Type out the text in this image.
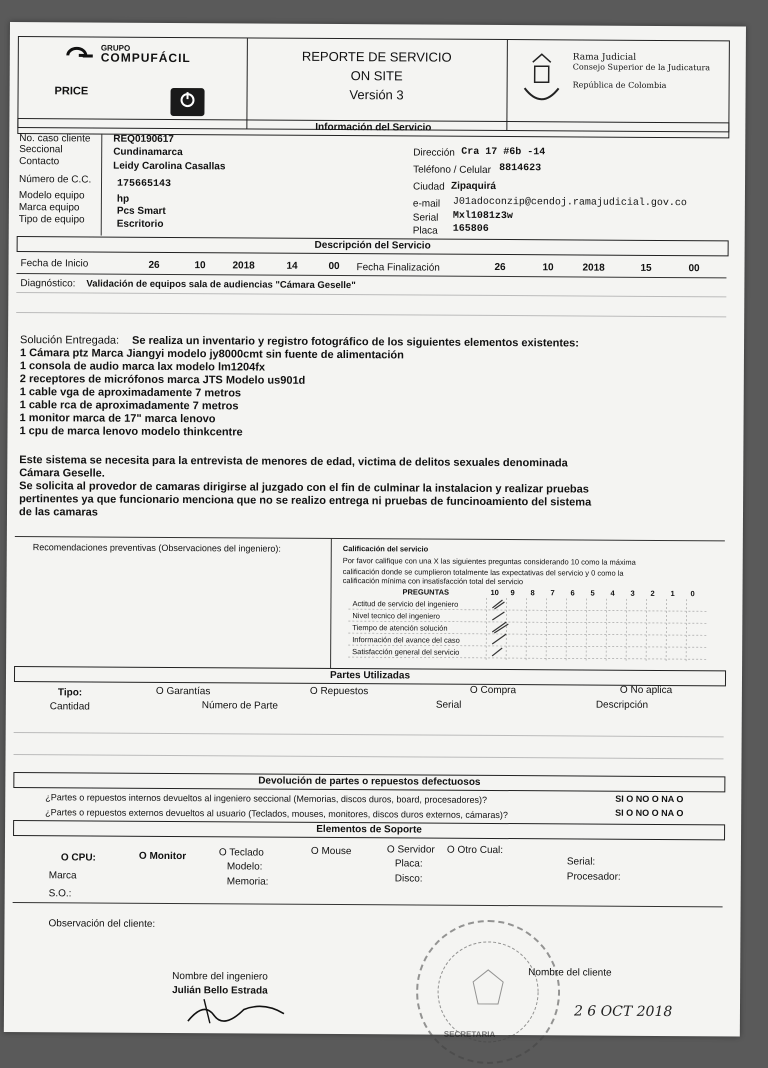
GRUPO
COMPUFÁCIL
PRICE
REPORTE DE SERVICIO
ON SITE
Versión 3
Rama Judicial
Consejo Superior de la Judicatura
República de Colombia
Información del Servicio
No. caso cliente REQ0190617
Seccional	Cundinamarca
Contacto	Leidy Carolina Casallas
Número de C.C.	175665143
Modelo equipo	hp
Marca equipo	Pcs Smart
Tipo de equipo	Escritorio
Dirección Cra 17 #6b -14
Teléfono / Celular 8814623
Ciudad Zipaquirá
e-mail J01adoconzip@cendoj.ramajudicial.gov.co
Serial Mxl1081z3w
Placa 165806
Descripción del Servicio
Fecha de Inicio	26	10	2018	14	00 Fecha Finalización	26	10	2018	15	00
Diagnóstico: Validación de equipos sala de audiencias "Cámara Geselle"
Solución Entregada: Se realiza un inventario y registro fotográfico de los siguientes elementos existentes:
1 Cámara ptz Marca Jiangyi modelo jy8000cmt sin fuente de alimentación
1 consola de audio marca lax modelo lm1204fx
2 receptores de micrófonos marca JTS Modelo us901d
1 cable vga de aproximadamente 7 metros
1 cable rca de aproximadamente 7 metros
1 monitor marca de 17" marca lenovo
1 cpu de marca lenovo modelo thinkcentre
Este sistema se necesita para la entrevista de menores de edad, victima de delitos sexuales denominada
Cámara Geselle.
Se solicita al provedor de camaras dirigirse al juzgado con el fin de culminar la instalacion y realizar pruebas
pertinentes ya que funcionario menciona que no se realizo entrega ni pruebas de funcinoamiento del sistema
de las camaras
Recomendaciones preventivas (Observaciones del ingeniero):	Calificación del servicio
Por favor califique con una X las siguientes preguntas considerando 10 como la máxima
calificación donde se cumplieron totalmente las expectativas del servicio y 0 como la
calificación mínima con insatisfacción total del servicio
PREGUNTAS	10 9 8 7 6 5 4 3 2 1 0
Actitud de servicio del ingeniero
Nivel tecnico del ingeniero
Tiempo de atención solución
Información del avance del caso
Satisfacción general del servicio
Partes Utilizadas
Tipo:	O Garantías	O Repuestos	O Compra	O No aplica
Cantidad	Número de Parte	Serial	Descripción
Devolución de partes o repuestos defectuosos
¿Partes o repuestos internos devueltos al ingeniero seccional (Memorias, discos duros, board, procesadores)?	SI O NO O NA O
¿Partes o repuestos externos devueltos al usuario (Teclados, mouses, monitores, discos duros externos, cámaras)?	SI O NO O NA O
Elementos de Soporte
O CPU:	O Monitor	O Teclado	O Mouse	O Servidor O Otro Cual:
Marca
S.O.:
Modelo:
Memoria:
Placa:
Disco:
Serial:
Procesador:
Observación del cliente:
SECRETARIA
Nombre del ingeniero
Julián Bello Estrada
Nombre del cliente
2 6 OCT 2018
